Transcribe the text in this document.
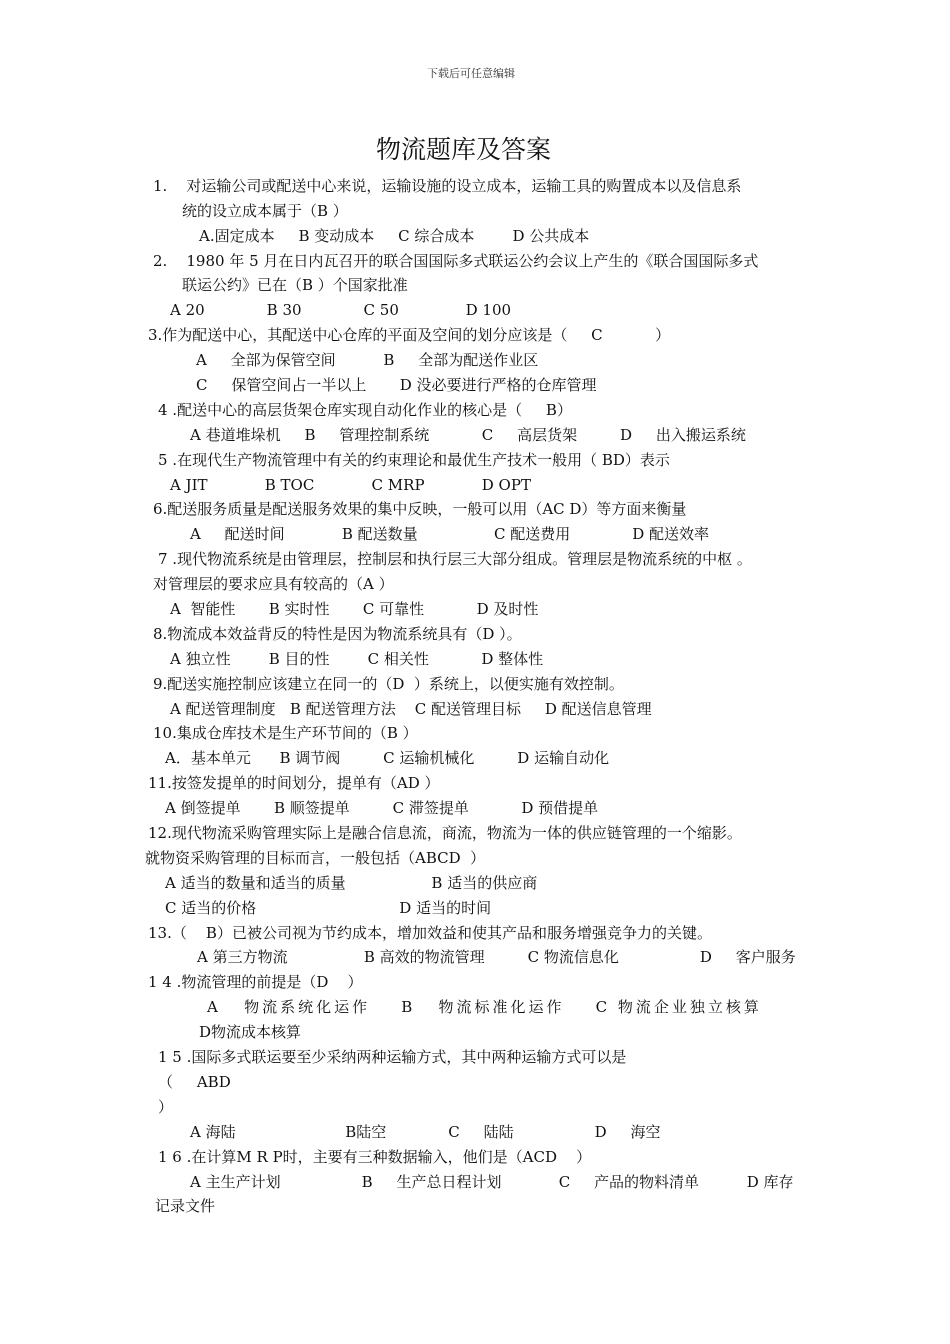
下载后可任意编辑
物流题库及答案
1.    对运输公司或配送中心来说，运输设施的设立成本，运输工具的购置成本以及信息系
统的设立成本属于（B ）
A.固定成本     B 变动成本     C 综合成本        D 公共成本
2.    1980 年 5 月在日内瓦召开的联合国国际多式联运公约会议上产生的《联合国国际多式
联运公约》已在（B ）个国家批准
A 20             B 30             C 50              D 100
3.作为配送中心，其配送中心仓库的平面及空间的划分应该是（     C           ）
A     全部为保管空间          B     全部为配送作业区
C     保管空间占一半以上       D 没必要进行严格的仓库管理
4 .配送中心的高层货架仓库实现自动化作业的核心是（     B）
A 巷道堆垛机     B     管理控制系统           C     高层货架         D     出入搬运系统
5 .在现代生产物流管理中有关的约束理论和最优生产技术一般用（ BD）表示
A JIT            B TOC            C MRP            D OPT
6.配送服务质量是配送服务效果的集中反映，一般可以用（AC D）等方面来衡量
A     配送时间            B 配送数量                C 配送费用             D 配送效率
7 .现代物流系统是由管理层，控制层和执行层三大部分组成。管理层是物流系统的中枢 。
对管理层的要求应具有较高的（A ）
A  智能性       B 实时性       C 可靠性           D 及时性
8.物流成本效益背反的特性是因为物流系统具有（D ）。
A 独立性        B 目的性        C 相关性           D 整体性
9.配送实施控制应该建立在同一的（D  ）系统上，以便实施有效控制。
A 配送管理制度   B 配送管理方法    C 配送管理目标     D 配送信息管理
10.集成仓库技术是生产环节间的（B ）
A．基本单元      B 调节阀         C 运输机械化         D 运输自动化
11.按签发提单的时间划分，提单有（AD ）
A 倒签提单       B 顺签提单         C 滞签提单           D 预借提单
12.现代物流采购管理实际上是融合信息流，商流，物流为一体的供应链管理的一个缩影。
就物资采购管理的目标而言，一般包括（ABCD  ）
A 适当的数量和适当的质量                  B 适当的供应商
C 适当的价格                              D 适当的时间
13.（    B）已被公司视为节约成本，增加效益和使其产品和服务增强竞争力的关键。
A 第三方物流                B 高效的物流管理         C 物流信息化                 D     客户服务
1 4 .物流管理的前提是（D    ）
A   物流系统化运作    B   物流标准化运作    C 物流企业独立核算
D物流成本核算
1 5 .国际多式联运要至少采纳两种运输方式，其中两种运输方式可以是
（     ABD
）
A 海陆                       B陆空             C     陆陆                 D     海空
1 6 .在计算M R P时，主要有三种数据输入，他们是（ACD    ）
A 主生产计划                 B     生产总日程计划            C     产品的物料清单          D 库存
记录文件
